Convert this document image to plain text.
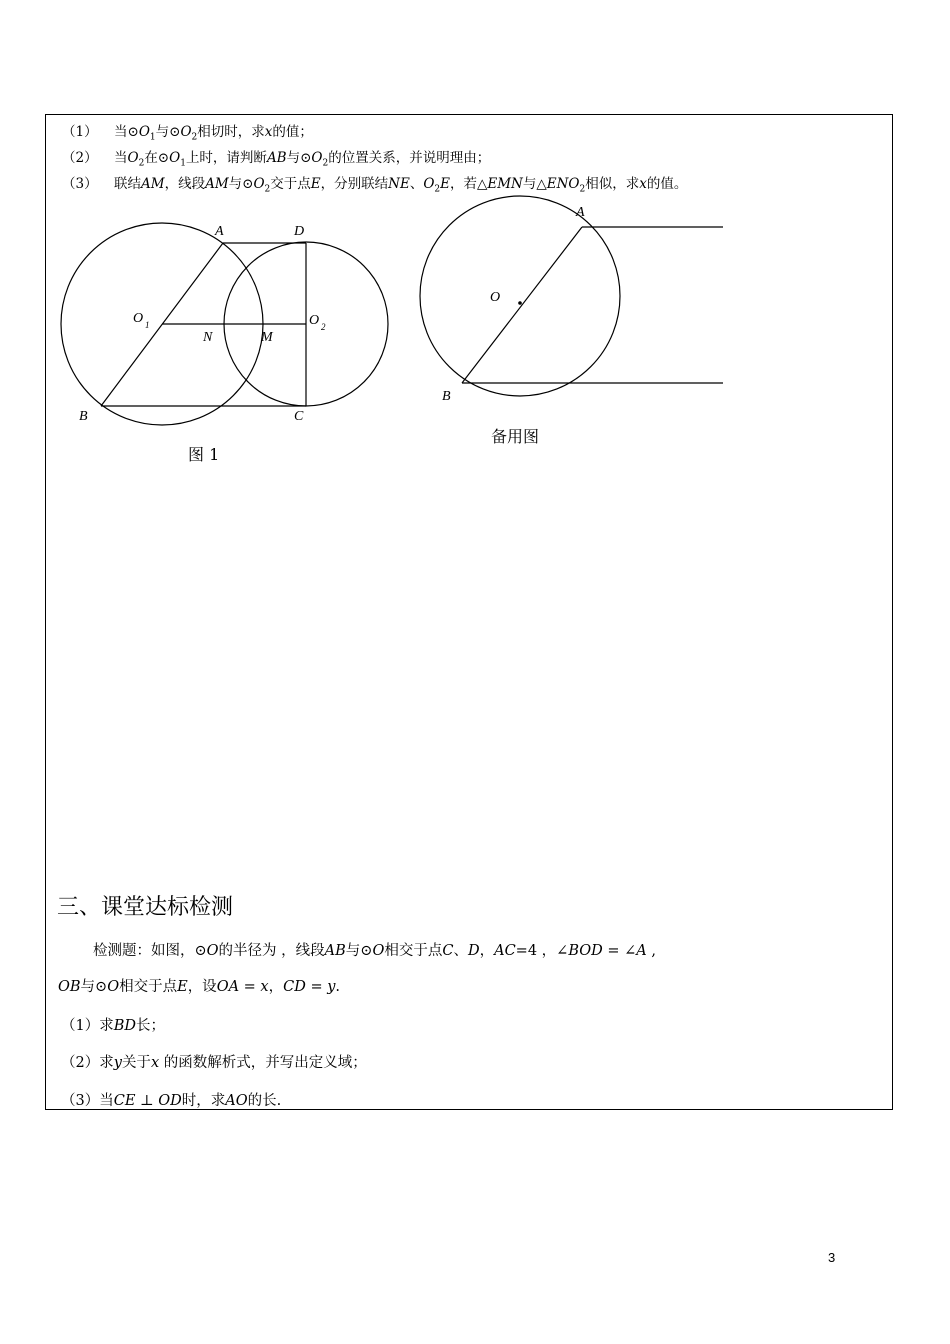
（1） 当$⊙O_1$与$⊙O_2$相切时，求x的值；
（2） 当$O_2$在$⊙O_1$上时，请判断AB与$⊙O_2$的位置关系，并说明理由；
（3） 联结AM，线段AM与$⊙O_2$交于点E，分别联结NE、$O_2E$，若△EMN与$\triangle ENO_2$相似，求x的值。
A	D
O 1	O 2
N	M
B	C
A
O
B
图 1
备用图
三、课堂达标检测
检测题：如图，⊙O的半径为 ，线段AB与⊙O相交于点C、D，AC=4 ，∠BOD = ∠A ,
OB与⊙O相交于点E，设OA = x，CD = y.
（1）求BD长；
（2）求y关于x 的函数解析式，并写出定义域；
（3）当CE ⊥ OD时，求AO的长.
3
